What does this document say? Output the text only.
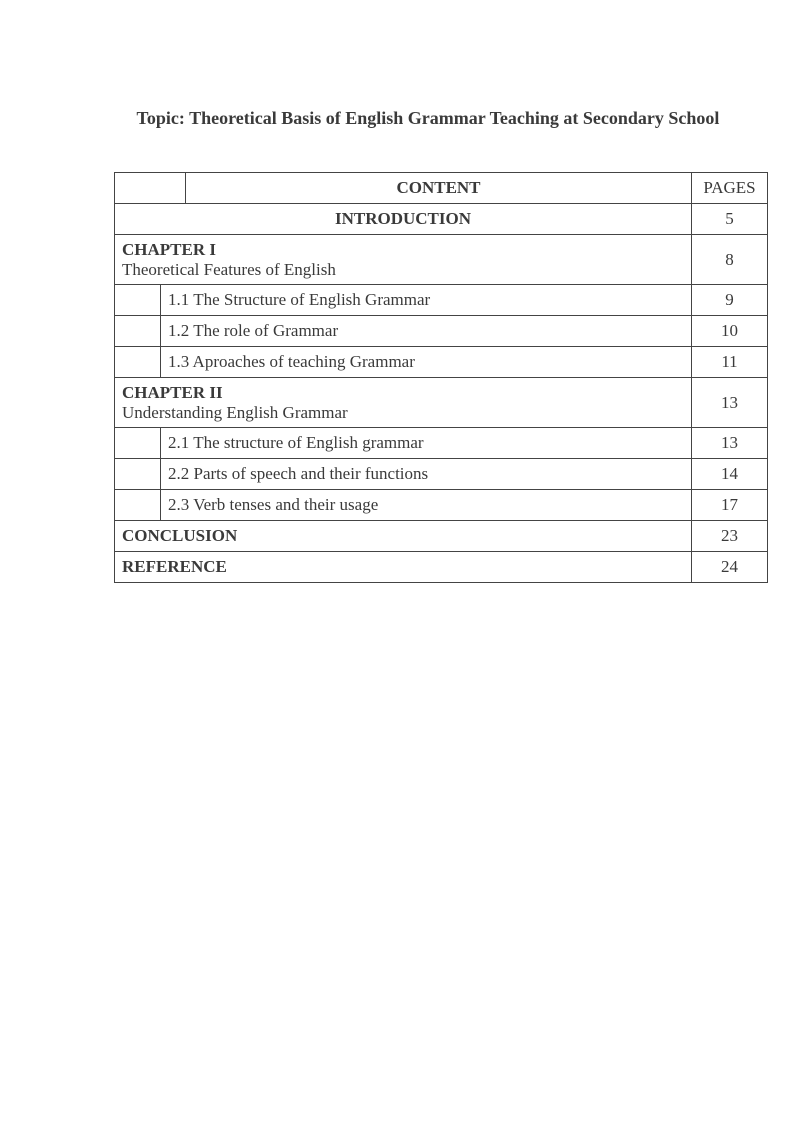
Topic: Theoretical Basis of English Grammar Teaching at Secondary School
		CONTENT	PAGES
INTRODUCTION			5

CHAPTER I
Theoretical Features of English			8
	1.1 The Structure of English Grammar		9
	1.2 The role of Grammar		10
	1.3 Aproaches of teaching Grammar		11

CHAPTER II
Understanding English Grammar			13
	2.1 The structure of English grammar		13
	2.2 Parts of speech and their functions		14
	2.3 Verb tenses and their usage		17
CONCLUSION			23
REFERENCE			24
